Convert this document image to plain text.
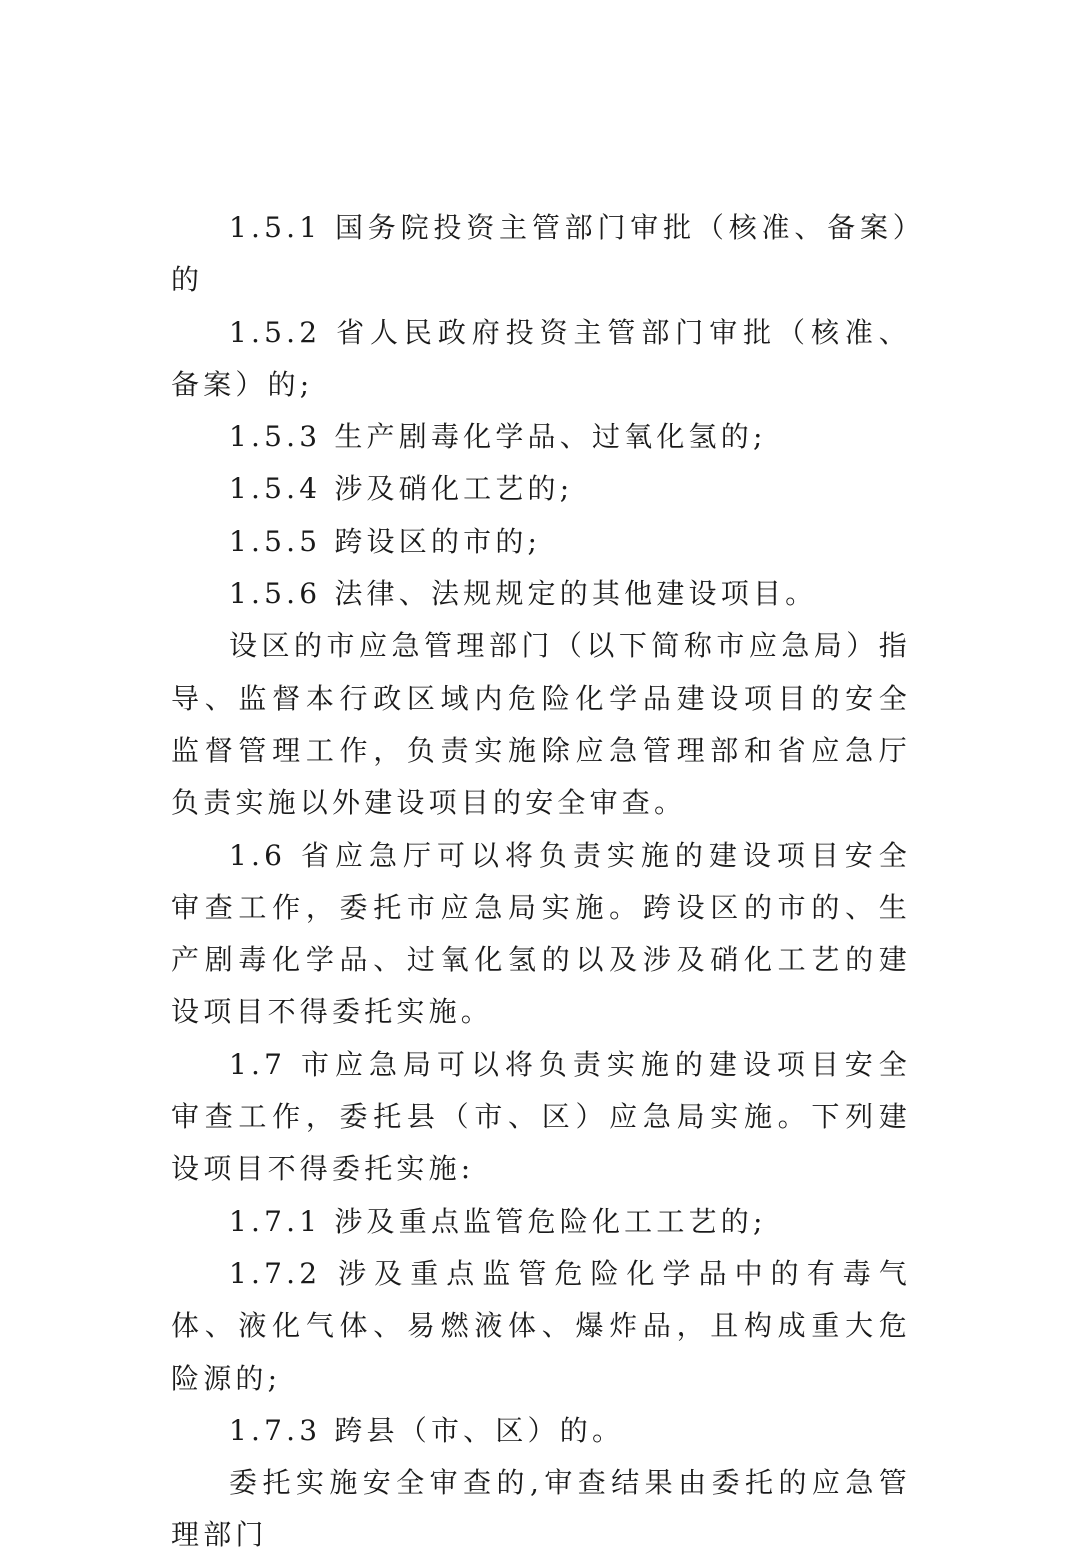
1.5.1 国务院投资主管部门审批（核准、备案）的

1.5.2 省人民政府投资主管部门审批（核准、备案）的;

1.5.3 生产剧毒化学品、过氧化氢的;

1.5.4 涉及硝化工艺的;

1.5.5 跨设区的市的;

1.5.6 法律、法规规定的其他建设项目。

设区的市应急管理部门（以下简称市应急局）指导、监督本行政区域内危险化学品建设项目的安全监督管理工作，负责实施除应急管理部和省应急厅负责实施以外建设项目的安全审查。

1.6 省应急厅可以将负责实施的建设项目安全审查工作，委托市应急局实施。跨设区的市的、生产剧毒化学品、过氧化氢的以及涉及硝化工艺的建设项目不得委托实施。

1.7 市应急局可以将负责实施的建设项目安全审查工作，委托县（市、区）应急局实施。下列建设项目不得委托实施:

1.7.1 涉及重点监管危险化工工艺的;

1.7.2 涉及重点监管危险化学品中的有毒气体、液化气体、易燃液体、爆炸品，且构成重大危险源的;

1.7.3 跨县（市、区）的。

委托实施安全审查的,审查结果由委托的应急管理部门
